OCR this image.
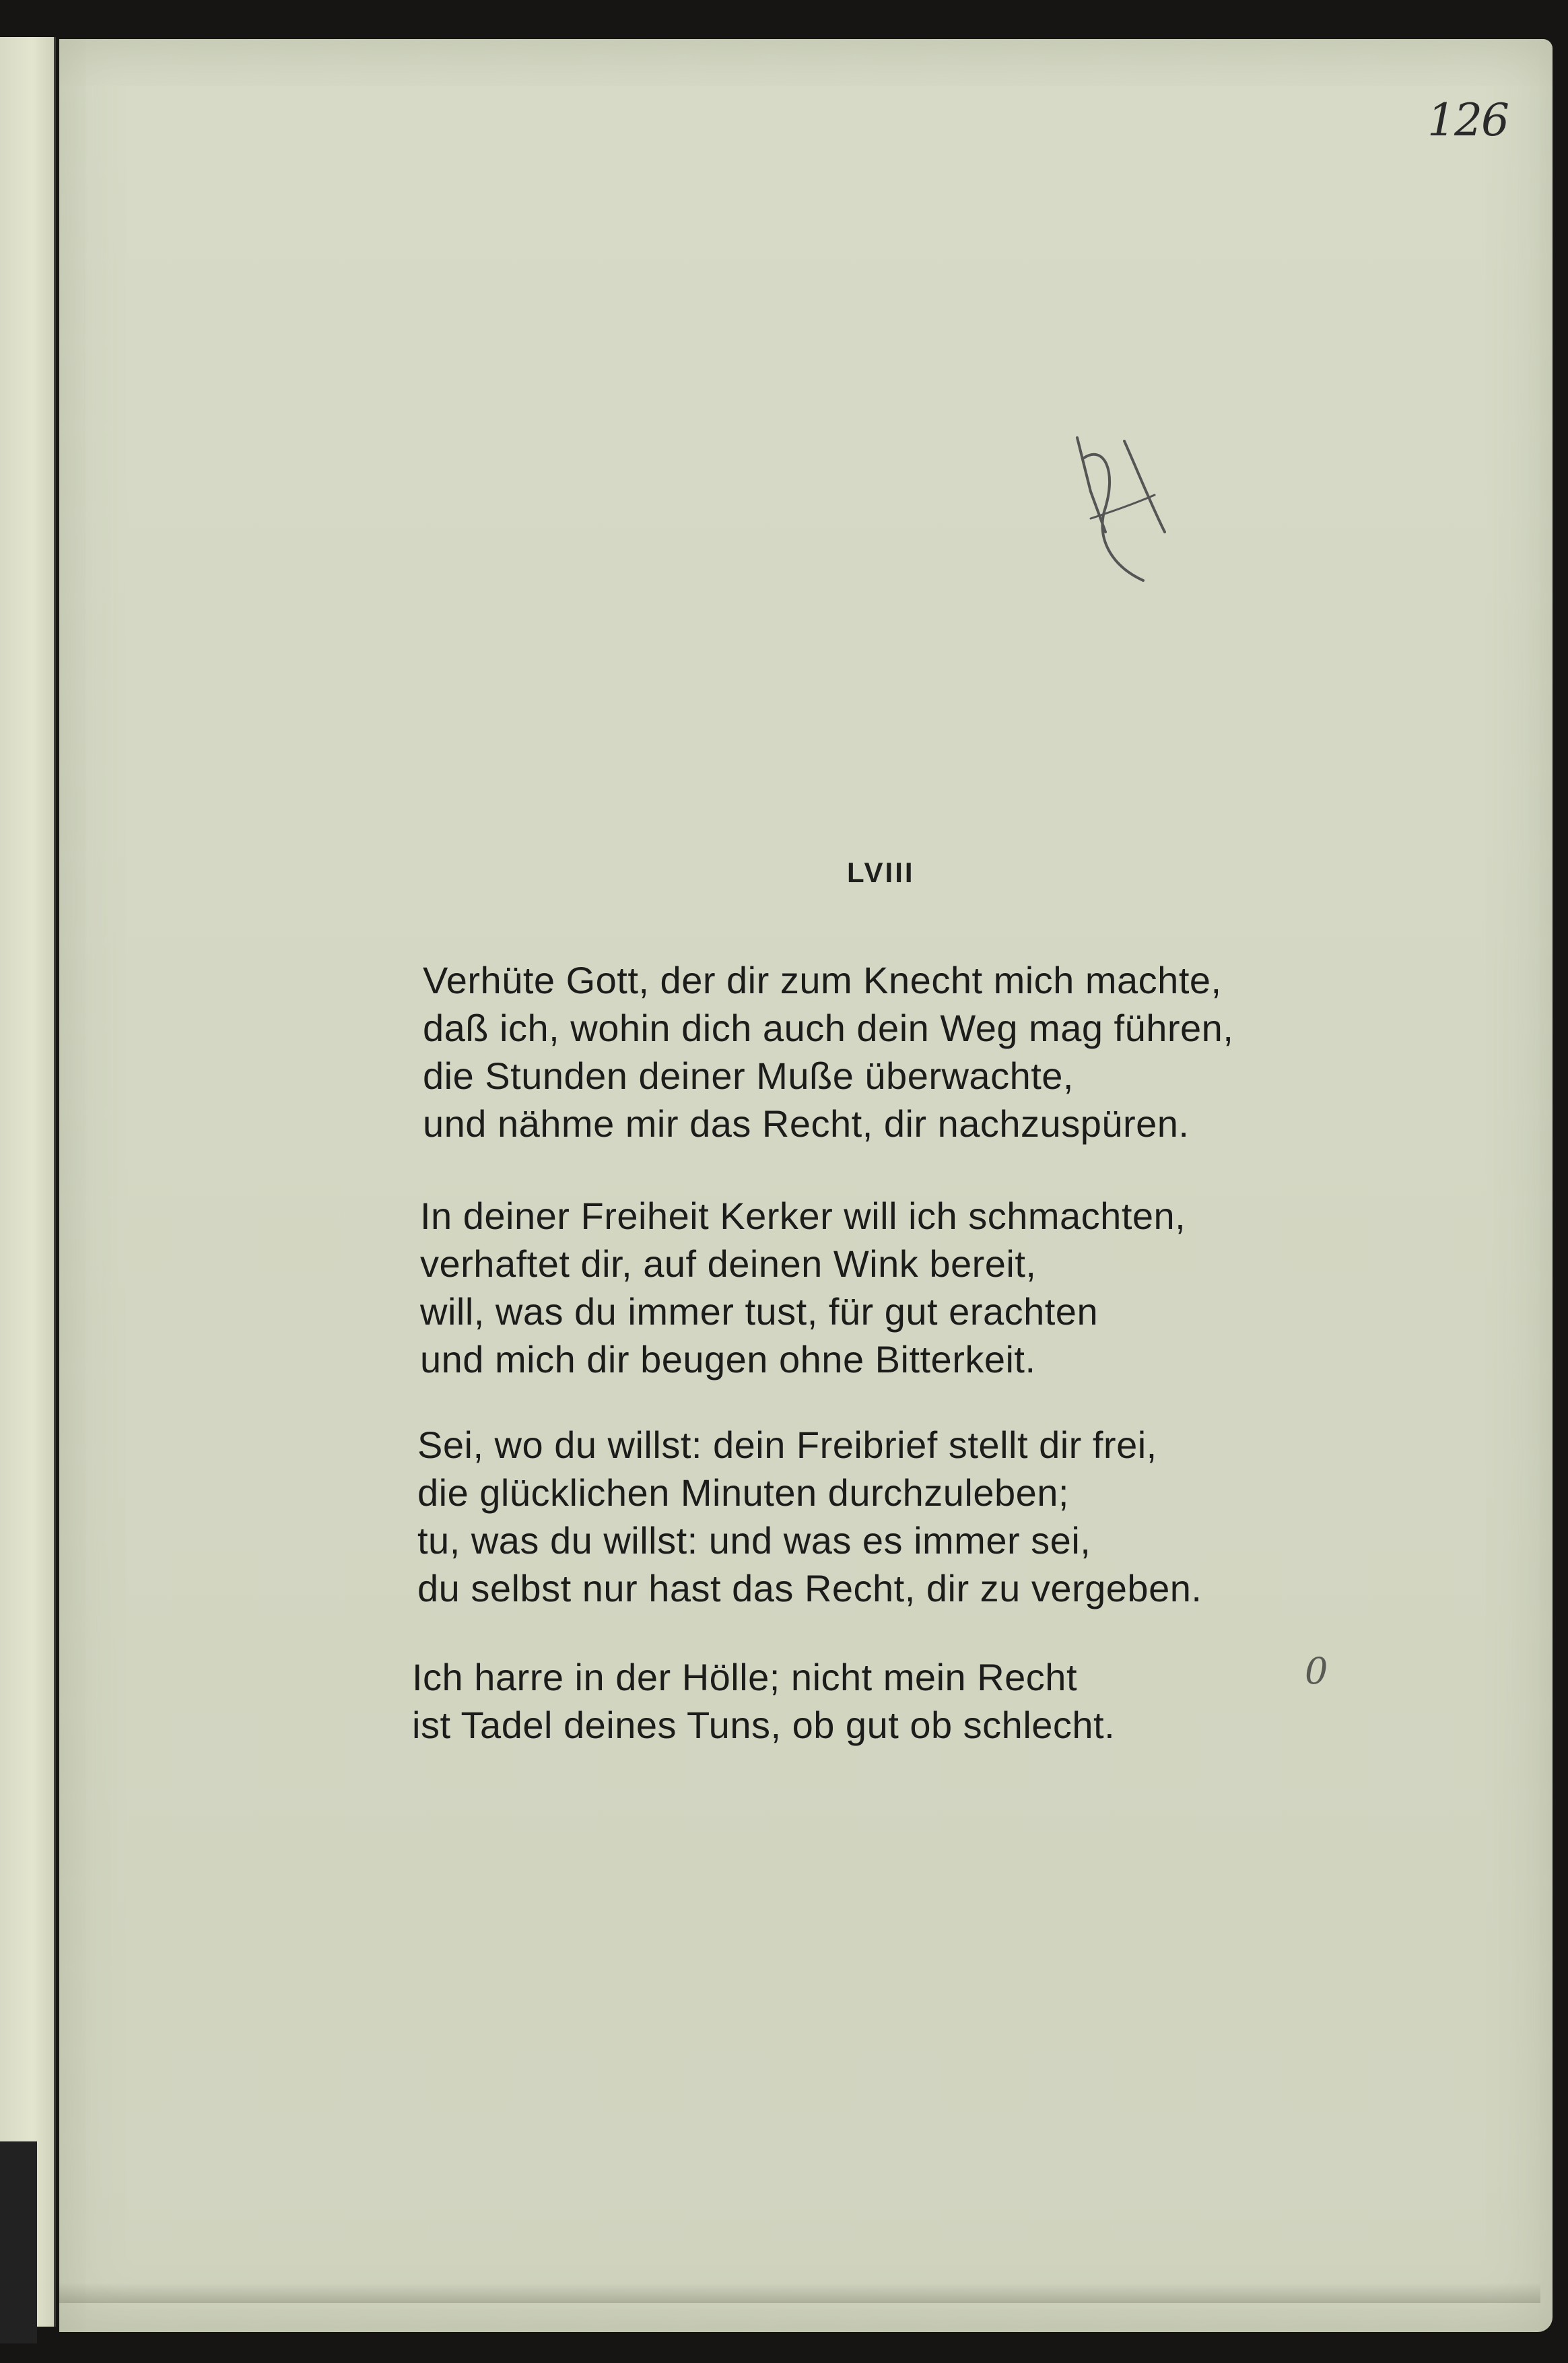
126
0
LVIII
Verhüte Gott, der dir zum Knecht mich machte,
daß ich, wohin dich auch dein Weg mag führen,
die Stunden deiner Muße überwachte,
und nähme mir das Recht, dir nachzuspüren.
In deiner Freiheit Kerker will ich schmachten,
verhaftet dir, auf deinen Wink bereit,
will, was du immer tust, für gut erachten
und mich dir beugen ohne Bitterkeit.
Sei, wo du willst: dein Freibrief stellt dir frei,
die glücklichen Minuten durchzuleben;
tu, was du willst: und was es immer sei,
du selbst nur hast das Recht, dir zu vergeben.
Ich harre in der Hölle; nicht mein Recht
ist Tadel deines Tuns, ob gut ob schlecht.
